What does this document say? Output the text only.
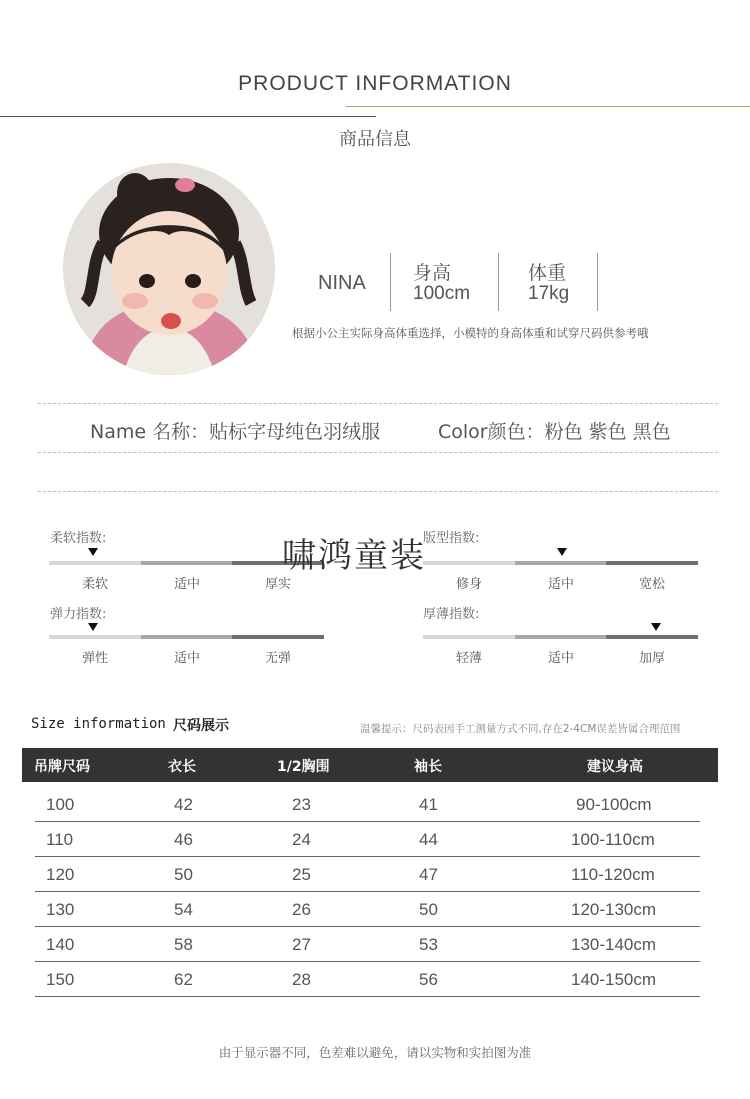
PRODUCT INFORMATION
商品信息
NINA 身高
100cm
体重
17kg
根据小公主实际身高体重选择，小模特的身高体重和试穿尺码供参考哦
Name 名称：贴标字母纯色羽绒服	Color颜色：粉色 紫色 黑色
柔软指数:
柔软	适中	厚实
版型指数:
修身	适中	宽松
弹力指数:
弹性	适中	无弹
厚薄指数:
轻薄	适中	加厚
啸鸿童装
Size information 尺码展示	温馨提示：尺码表因手工测量方式不同,存在2-4CM误差皆属合理范围
吊牌尺码	衣长	1/2胸围	袖长	建议身高
100	42	23	41	90-100cm
110	46	24	44	100-110cm
120	50	25	47	110-120cm
130	54	26	50	120-130cm
140	58	27	53	130-140cm
150	62	28	56	140-150cm
由于显示器不同，色差难以避免，请以实物和实拍图为准
